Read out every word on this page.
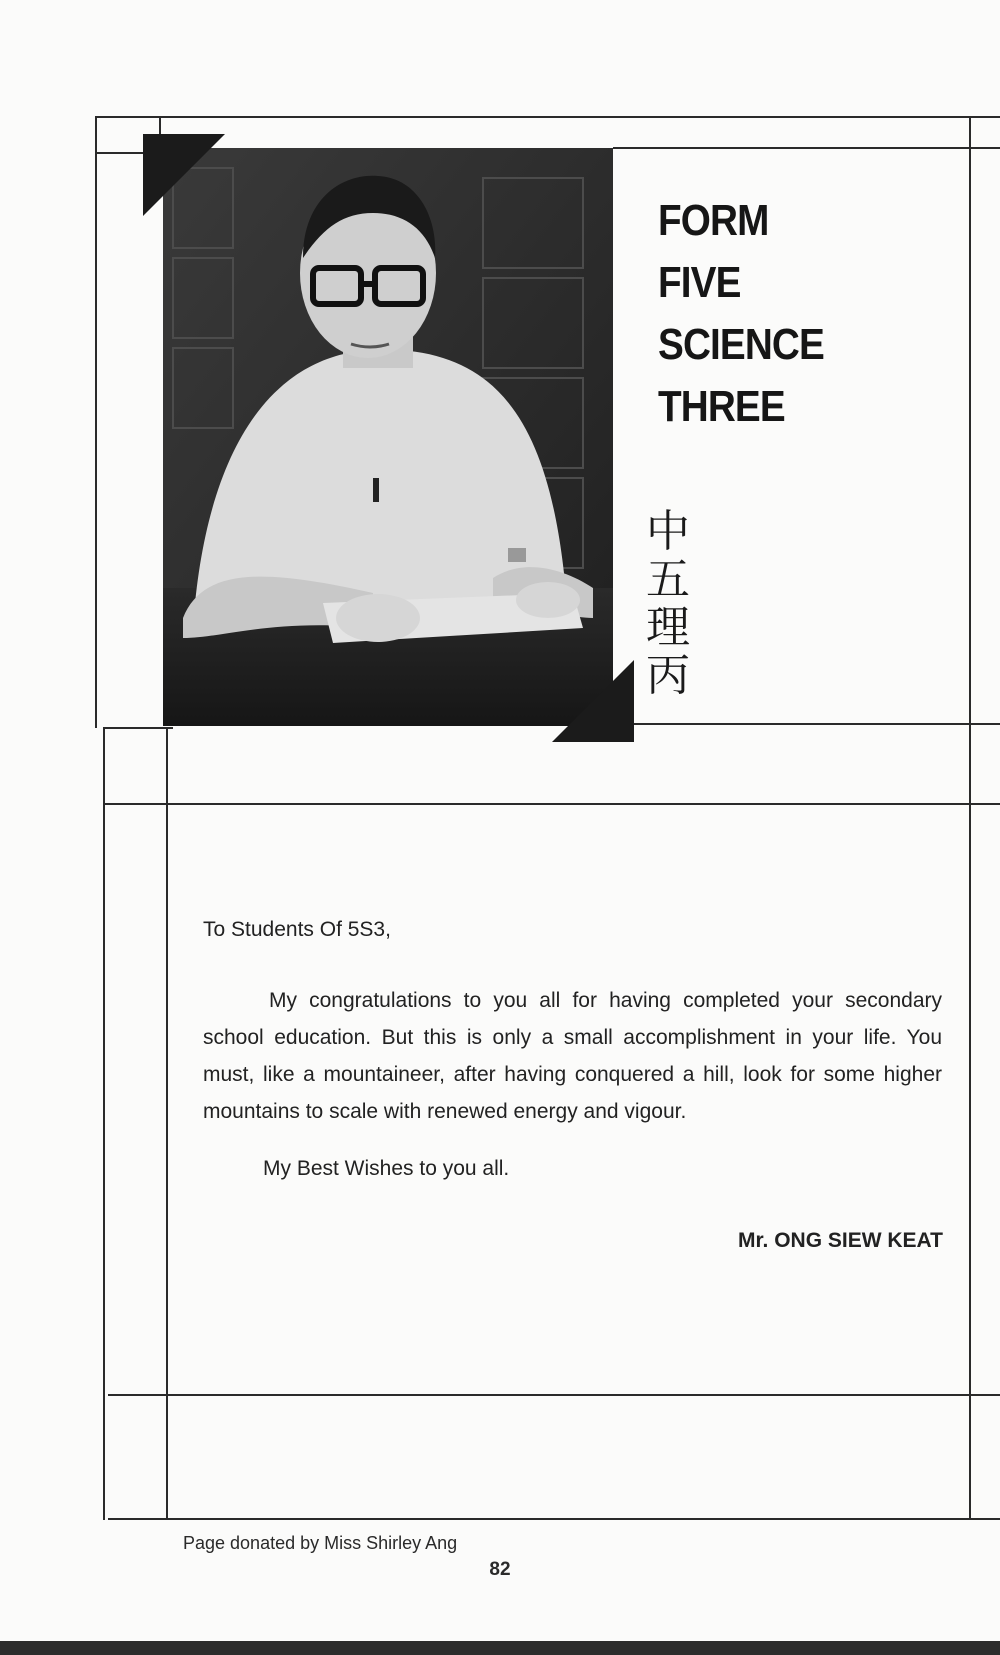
FORM
FIVE
SCIENCE
THREE
中
五
理
丙
To Students Of 5S3,
My congratulations to you all for having completed your secondary school education. But this is only a small accomplishment in your life. You must, like a mountaineer, after having conquered a hill, look for some higher mountains to scale with renewed energy and vigour.
My Best Wishes to you all.
Mr. ONG SIEW KEAT
Page donated by Miss Shirley Ang
82
